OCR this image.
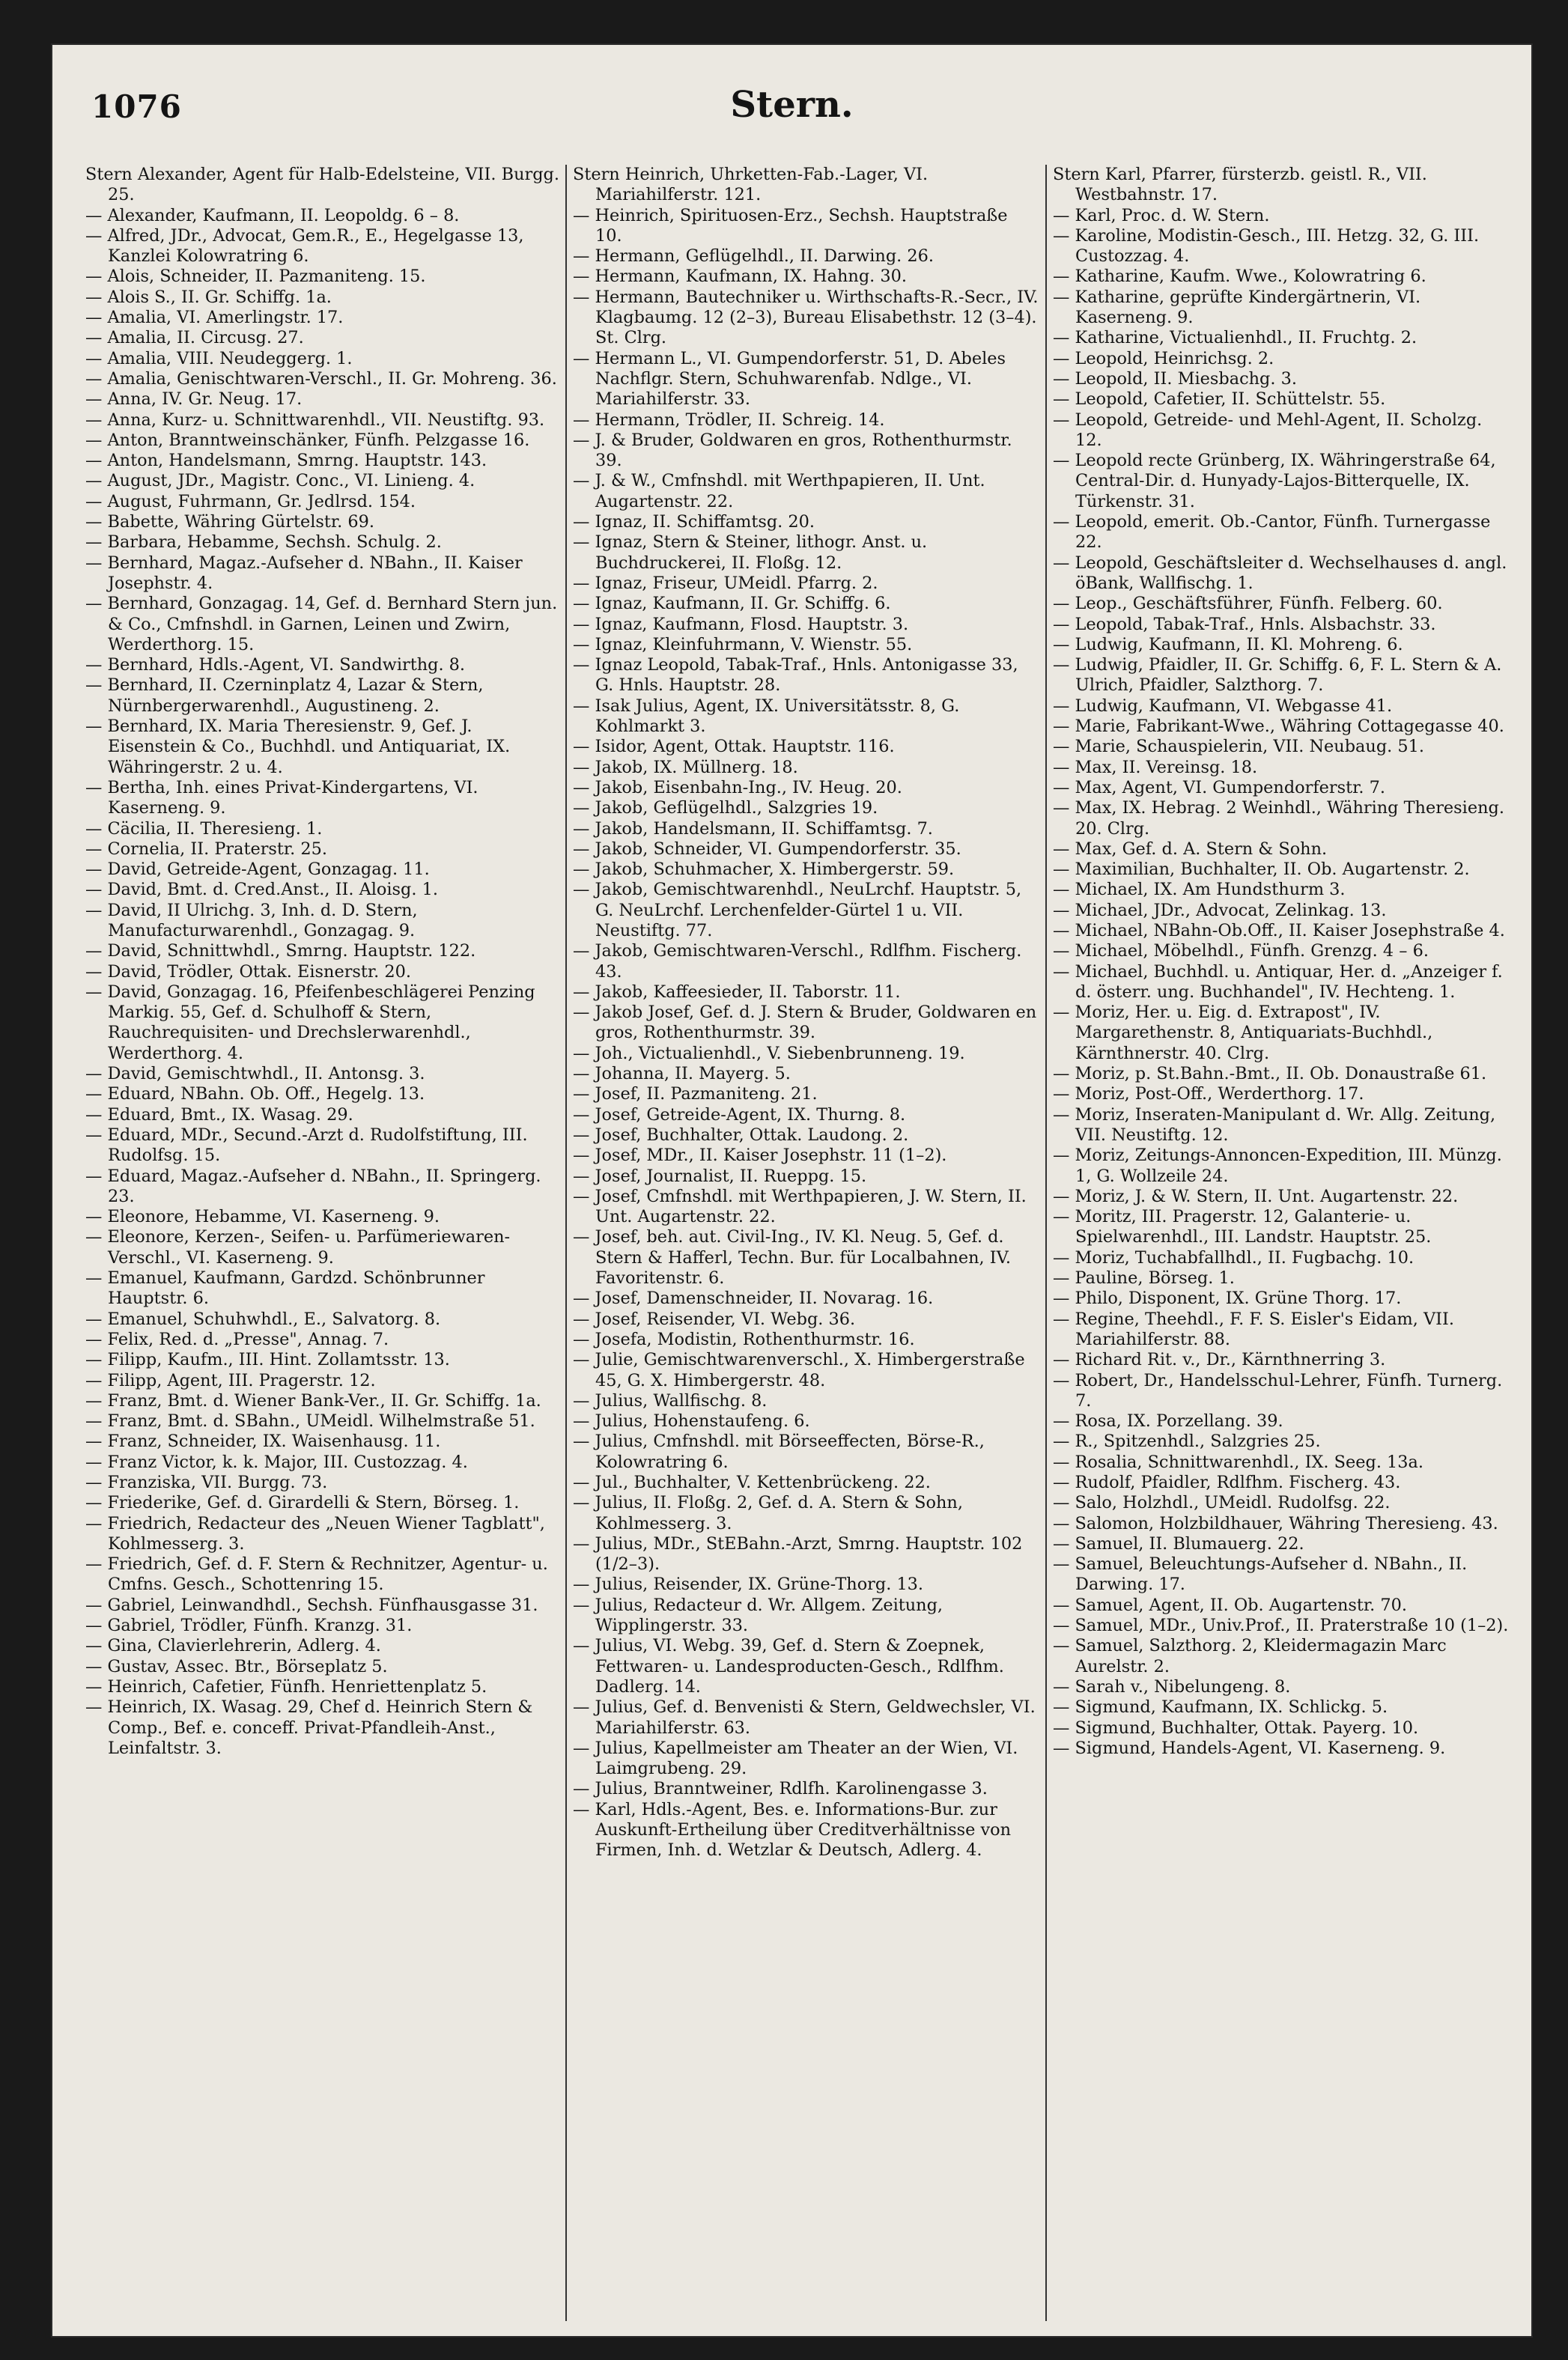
1076	Stern.
Stern Alexander, Agent für Halb-Edelsteine, VII. Burgg. 25.
— Alexander, Kaufmann, II. Leopoldg. 6 – 8.
— Alfred, JDr., Advocat, Gem.R., E., Hegelgasse 13, Kanzlei Kolowratring 6.
— Alois, Schneider, II. Pazmaniteng. 15.
— Alois S., II. Gr. Schiffg. 1a.
— Amalia, VI. Amerlingstr. 17.
— Amalia, II. Circusg. 27.
— Amalia, VIII. Neudeggerg. 1.
— Amalia, Genischtwaren-Verschl., II. Gr. Mohreng. 36.
— Anna, IV. Gr. Neug. 17.
— Anna, Kurz- u. Schnittwarenhdl., VII. Neustiftg. 93.
— Anton, Branntweinschänker, Fünfh. Pelzgasse 16.
— Anton, Handelsmann, Smrng. Hauptstr. 143.
— August, JDr., Magistr. Conc., VI. Linieng. 4.
— August, Fuhrmann, Gr. Jedlrsd. 154.
— Babette, Währing Gürtelstr. 69.
— Barbara, Hebamme, Sechsh. Schulg. 2.
— Bernhard, Magaz.-Aufseher d. NBahn., II. Kaiser Josephstr. 4.
— Bernhard, Gonzagag. 14, Gef. d. Bernhard Stern jun. & Co., Cmfnshdl. in Garnen, Leinen und Zwirn, Werderthorg. 15.
— Bernhard, Hdls.-Agent, VI. Sandwirthg. 8.
— Bernhard, II. Czerninplatz 4, Lazar & Stern, Nürnbergerwarenhdl., Augustineng. 2.
— Bernhard, IX. Maria Theresienstr. 9, Gef. J. Eisenstein & Co., Buchhdl. und Antiquariat, IX. Währingerstr. 2 u. 4.
— Bertha, Inh. eines Privat-Kindergartens, VI. Kaserneng. 9.
— Cäcilia, II. Theresieng. 1.
— Cornelia, II. Praterstr. 25.
— David, Getreide-Agent, Gonzagag. 11.
— David, Bmt. d. Cred.Anst., II. Aloisg. 1.
— David, II Ulrichg. 3, Inh. d. D. Stern, Manufacturwarenhdl., Gonzagag. 9.
— David, Schnittwhdl., Smrng. Hauptstr. 122.
— David, Trödler, Ottak. Eisnerstr. 20.
— David, Gonzagag. 16, Pfeifenbeschlägerei Penzing Markig. 55, Gef. d. Schulhoff & Stern, Rauchrequisiten- und Drechslerwarenhdl., Werderthorg. 4.
— David, Gemischtwhdl., II. Antonsg. 3.
— Eduard, NBahn. Ob. Off., Hegelg. 13.
— Eduard, Bmt., IX. Wasag. 29.
— Eduard, MDr., Secund.-Arzt d. Rudolfstiftung, III. Rudolfsg. 15.
— Eduard, Magaz.-Aufseher d. NBahn., II. Springerg. 23.
— Eleonore, Hebamme, VI. Kaserneng. 9.
— Eleonore, Kerzen-, Seifen- u. Parfümeriewaren-Verschl., VI. Kaserneng. 9.
— Emanuel, Kaufmann, Gardzd. Schönbrunner Hauptstr. 6.
— Emanuel, Schuhwhdl., E., Salvatorg. 8.
— Felix, Red. d. „Presse", Annag. 7.
— Filipp, Kaufm., III. Hint. Zollamtsstr. 13.
— Filipp, Agent, III. Pragerstr. 12.
— Franz, Bmt. d. Wiener Bank-Ver., II. Gr. Schiffg. 1a.
— Franz, Bmt. d. SBahn., UMeidl. Wilhelmstraße 51.
— Franz, Schneider, IX. Waisenhausg. 11.
— Franz Victor, k. k. Major, III. Custozzag. 4.
— Franziska, VII. Burgg. 73.
— Friederike, Gef. d. Girardelli & Stern, Börseg. 1.
— Friedrich, Redacteur des „Neuen Wiener Tagblatt", Kohlmesserg. 3.
— Friedrich, Gef. d. F. Stern & Rechnitzer, Agentur- u. Cmfns. Gesch., Schottenring 15.
— Gabriel, Leinwandhdl., Sechsh. Fünfhausgasse 31.
— Gabriel, Trödler, Fünfh. Kranzg. 31.
— Gina, Clavierlehrerin, Adlerg. 4.
— Gustav, Assec. Btr., Börseplatz 5.
— Heinrich, Cafetier, Fünfh. Henriettenplatz 5.
— Heinrich, IX. Wasag. 29, Chef d. Heinrich Stern & Comp., Bef. e. conceff. Privat-Pfandleih-Anst., Leinfaltstr. 3.
Stern Heinrich, Uhrketten-Fab.-Lager, VI. Mariahilferstr. 121.
— Heinrich, Spirituosen-Erz., Sechsh. Hauptstraße 10.
— Hermann, Geflügelhdl., II. Darwing. 26.
— Hermann, Kaufmann, IX. Hahng. 30.
— Hermann, Bautechniker u. Wirthschafts-R.-Secr., IV. Klagbaumg. 12 (2–3), Bureau Elisabethstr. 12 (3–4). St. Clrg.
— Hermann L., VI. Gumpendorferstr. 51, D. Abeles Nachflgr. Stern, Schuhwarenfab. Ndlge., VI. Mariahilferstr. 33.
— Hermann, Trödler, II. Schreig. 14.
— J. & Bruder, Goldwaren en gros, Rothenthurmstr. 39.
— J. & W., Cmfnshdl. mit Werthpapieren, II. Unt. Augartenstr. 22.
— Ignaz, II. Schiffamtsg. 20.
— Ignaz, Stern & Steiner, lithogr. Anst. u. Buchdruckerei, II. Floßg. 12.
— Ignaz, Friseur, UMeidl. Pfarrg. 2.
— Ignaz, Kaufmann, II. Gr. Schiffg. 6.
— Ignaz, Kaufmann, Flosd. Hauptstr. 3.
— Ignaz, Kleinfuhrmann, V. Wienstr. 55.
— Ignaz Leopold, Tabak-Traf., Hnls. Antonigasse 33, G. Hnls. Hauptstr. 28.
— Isak Julius, Agent, IX. Universitätsstr. 8, G. Kohlmarkt 3.
— Isidor, Agent, Ottak. Hauptstr. 116.
— Jakob, IX. Müllnerg. 18.
— Jakob, Eisenbahn-Ing., IV. Heug. 20.
— Jakob, Geflügelhdl., Salzgries 19.
— Jakob, Handelsmann, II. Schiffamtsg. 7.
— Jakob, Schneider, VI. Gumpendorferstr. 35.
— Jakob, Schuhmacher, X. Himbergerstr. 59.
— Jakob, Gemischtwarenhdl., NeuLrchf. Hauptstr. 5, G. NeuLrchf. Lerchenfelder-Gürtel 1 u. VII. Neustiftg. 77.
— Jakob, Gemischtwaren-Verschl., Rdlfhm. Fischerg. 43.
— Jakob, Kaffeesieder, II. Taborstr. 11.
— Jakob Josef, Gef. d. J. Stern & Bruder, Goldwaren en gros, Rothenthurmstr. 39.
— Joh., Victualienhdl., V. Siebenbrunneng. 19.
— Johanna, II. Mayerg. 5.
— Josef, II. Pazmaniteng. 21.
— Josef, Getreide-Agent, IX. Thurng. 8.
— Josef, Buchhalter, Ottak. Laudong. 2.
— Josef, MDr., II. Kaiser Josephstr. 11 (1–2).
— Josef, Journalist, II. Rueppg. 15.
— Josef, Cmfnshdl. mit Werthpapieren, J. W. Stern, II. Unt. Augartenstr. 22.
— Josef, beh. aut. Civil-Ing., IV. Kl. Neug. 5, Gef. d. Stern & Hafferl, Techn. Bur. für Localbahnen, IV. Favoritenstr. 6.
— Josef, Damenschneider, II. Novarag. 16.
— Josef, Reisender, VI. Webg. 36.
— Josefa, Modistin, Rothenthurmstr. 16.
— Julie, Gemischtwarenverschl., X. Himbergerstraße 45, G. X. Himbergerstr. 48.
— Julius, Wallfischg. 8.
— Julius, Hohenstaufeng. 6.
— Julius, Cmfnshdl. mit Börseeffecten, Börse-R., Kolowratring 6.
— Jul., Buchhalter, V. Kettenbrückeng. 22.
— Julius, II. Floßg. 2, Gef. d. A. Stern & Sohn, Kohlmesserg. 3.
— Julius, MDr., StEBahn.-Arzt, Smrng. Hauptstr. 102 (1/2–3).
— Julius, Reisender, IX. Grüne-Thorg. 13.
— Julius, Redacteur d. Wr. Allgem. Zeitung, Wipplingerstr. 33.
— Julius, VI. Webg. 39, Gef. d. Stern & Zoepnek, Fettwaren- u. Landesproducten-Gesch., Rdlfhm. Dadlerg. 14.
— Julius, Gef. d. Benvenisti & Stern, Geldwechsler, VI. Mariahilferstr. 63.
— Julius, Kapellmeister am Theater an der Wien, VI. Laimgrubeng. 29.
— Julius, Branntweiner, Rdlfh. Karolinengasse 3.
— Karl, Hdls.-Agent, Bes. e. Informations-Bur. zur Auskunft-Ertheilung über Creditverhältnisse von Firmen, Inh. d. Wetzlar & Deutsch, Adlerg. 4.
Stern Karl, Pfarrer, fürsterzb. geistl. R., VII. Westbahnstr. 17.
— Karl, Proc. d. W. Stern.
— Karoline, Modistin-Gesch., III. Hetzg. 32, G. III. Custozzag. 4.
— Katharine, Kaufm. Wwe., Kolowratring 6.
— Katharine, geprüfte Kindergärtnerin, VI. Kaserneng. 9.
— Katharine, Victualienhdl., II. Fruchtg. 2.
— Leopold, Heinrichsg. 2.
— Leopold, II. Miesbachg. 3.
— Leopold, Cafetier, II. Schüttelstr. 55.
— Leopold, Getreide- und Mehl-Agent, II. Scholzg. 12.
— Leopold recte Grünberg, IX. Währingerstraße 64, Central-Dir. d. Hunyady-Lajos-Bitterquelle, IX. Türkenstr. 31.
— Leopold, emerit. Ob.-Cantor, Fünfh. Turnergasse 22.
— Leopold, Geschäftsleiter d. Wechselhauses d. angl. öBank, Wallfischg. 1.
— Leop., Geschäftsführer, Fünfh. Felberg. 60.
— Leopold, Tabak-Traf., Hnls. Alsbachstr. 33.
— Ludwig, Kaufmann, II. Kl. Mohreng. 6.
— Ludwig, Pfaidler, II. Gr. Schiffg. 6, F. L. Stern & A. Ulrich, Pfaidler, Salzthorg. 7.
— Ludwig, Kaufmann, VI. Webgasse 41.
— Marie, Fabrikant-Wwe., Währing Cottagegasse 40.
— Marie, Schauspielerin, VII. Neubaug. 51.
— Max, II. Vereinsg. 18.
— Max, Agent, VI. Gumpendorferstr. 7.
— Max, IX. Hebrag. 2 Weinhdl., Währing Theresieng. 20. Clrg.
— Max, Gef. d. A. Stern & Sohn.
— Maximilian, Buchhalter, II. Ob. Augartenstr. 2.
— Michael, IX. Am Hundsthurm 3.
— Michael, JDr., Advocat, Zelinkag. 13.
— Michael, NBahn-Ob.Off., II. Kaiser Josephstraße 4.
— Michael, Möbelhdl., Fünfh. Grenzg. 4 – 6.
— Michael, Buchhdl. u. Antiquar, Her. d. „Anzeiger f. d. österr. ung. Buchhandel", IV. Hechteng. 1.
— Moriz, Her. u. Eig. d. Extrapost", IV. Margarethenstr. 8, Antiquariats-Buchhdl., Kärnthnerstr. 40. Clrg.
— Moriz, p. St.Bahn.-Bmt., II. Ob. Donaustraße 61.
— Moriz, Post-Off., Werderthorg. 17.
— Moriz, Inseraten-Manipulant d. Wr. Allg. Zeitung, VII. Neustiftg. 12.
— Moriz, Zeitungs-Annoncen-Expedition, III. Münzg. 1, G. Wollzeile 24.
— Moriz, J. & W. Stern, II. Unt. Augartenstr. 22.
— Moritz, III. Pragerstr. 12, Galanterie- u. Spielwarenhdl., III. Landstr. Hauptstr. 25.
— Moriz, Tuchabfallhdl., II. Fugbachg. 10.
— Pauline, Börseg. 1.
— Philo, Disponent, IX. Grüne Thorg. 17.
— Regine, Theehdl., F. F. S. Eisler's Eidam, VII. Mariahilferstr. 88.
— Richard Rit. v., Dr., Kärnthnerring 3.
— Robert, Dr., Handelsschul-Lehrer, Fünfh. Turnerg. 7.
— Rosa, IX. Porzellang. 39.
— R., Spitzenhdl., Salzgries 25.
— Rosalia, Schnittwarenhdl., IX. Seeg. 13a.
— Rudolf, Pfaidler, Rdlfhm. Fischerg. 43.
— Salo, Holzhdl., UMeidl. Rudolfsg. 22.
— Salomon, Holzbildhauer, Währing Theresieng. 43.
— Samuel, II. Blumauerg. 22.
— Samuel, Beleuchtungs-Aufseher d. NBahn., II. Darwing. 17.
— Samuel, Agent, II. Ob. Augartenstr. 70.
— Samuel, MDr., Univ.Prof., II. Praterstraße 10 (1–2).
— Samuel, Salzthorg. 2, Kleidermagazin Marc Aurelstr. 2.
— Sarah v., Nibelungeng. 8.
— Sigmund, Kaufmann, IX. Schlickg. 5.
— Sigmund, Buchhalter, Ottak. Payerg. 10.
— Sigmund, Handels-Agent, VI. Kaserneng. 9.
